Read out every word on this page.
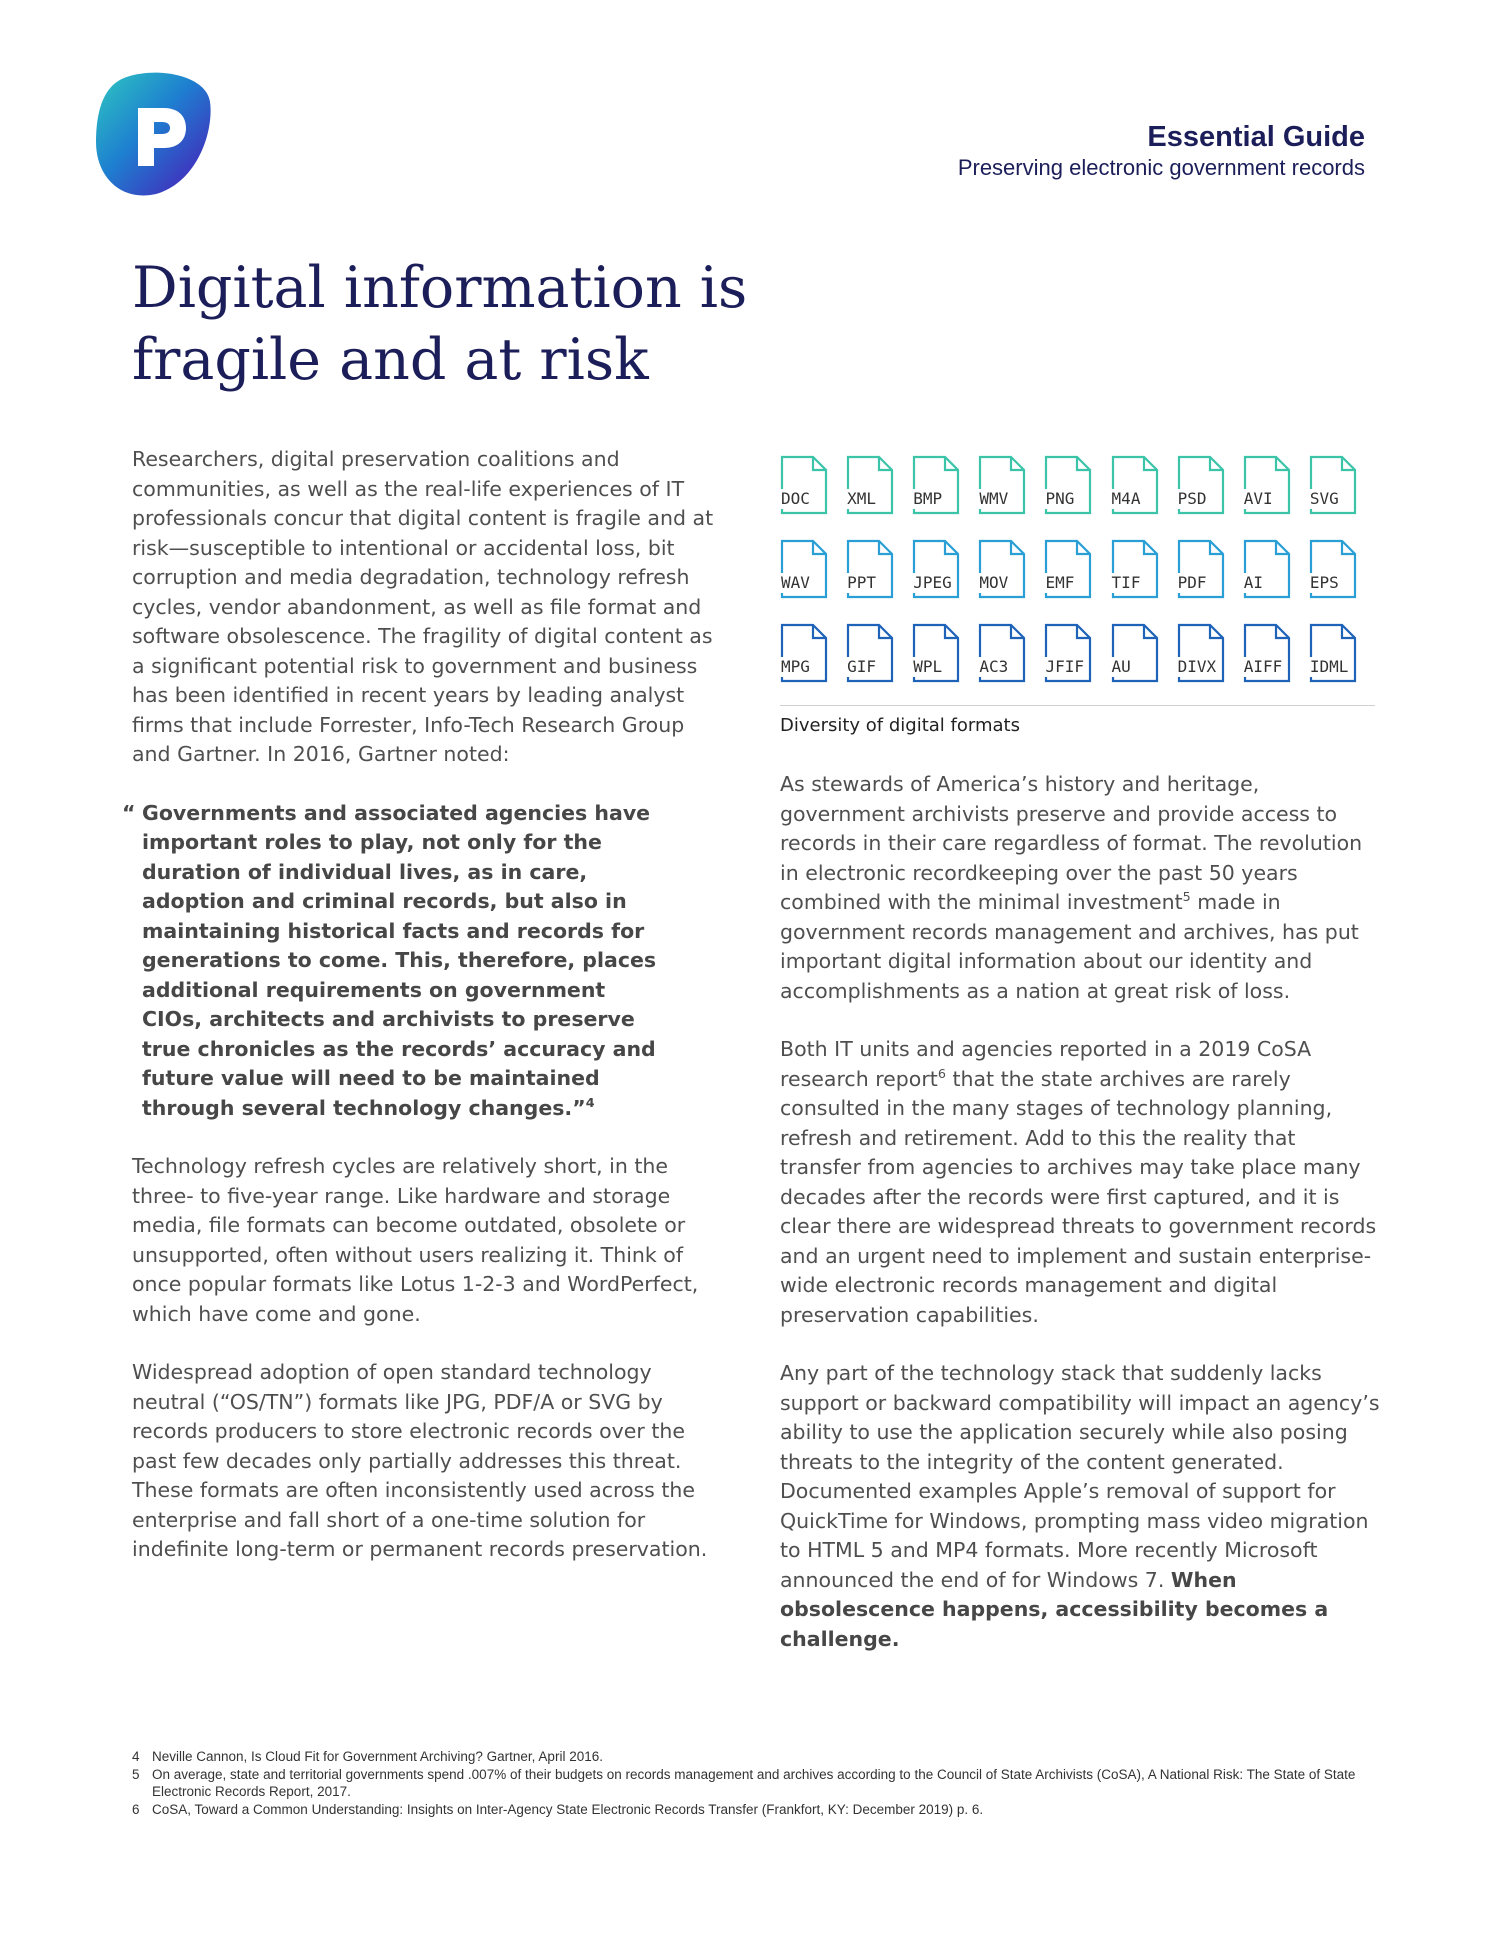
Essential Guide
Preserving electronic government records
Digital information is
fragile and at risk

Researchers, digital preservation coalitions and communities, as well as the real-life experiences of IT professionals concur that digital content is fragile and at risk—susceptible to intentional or accidental loss, bit corruption and media degradation, technology refresh cycles, vendor abandonment, as well as file format and software obsolescence. The fragility of digital content as a significant potential risk to government and business has been identified in recent years by leading analyst firms that include Forrester, Info-Tech Research Group and Gartner. In 2016, Gartner noted:

“ Governments and associated agencies have important roles to play, not only for the duration of individual lives, as in care, adoption and criminal records, but also in maintaining historical facts and records for generations to come. This, therefore, places additional requirements on government CIOs, architects and archivists to preserve true chronicles as the records’ accuracy and future value will need to be maintained through several technology changes.”$^4$

Technology refresh cycles are relatively short, in the three- to five-year range. Like hardware and storage media, file formats can become outdated, obsolete or unsupported, often without users realizing it. Think of once popular formats like Lotus 1-2-3 and WordPerfect, which have come and gone.

Widespread adoption of open standard technology neutral (“OS/TN”) formats like JPG, PDF/A or SVG by records producers to store electronic records over the past few decades only partially addresses this threat. These formats are often inconsistently used across the enterprise and fall short of a one-time solution for indefinite long-term or permanent records preservation.

DOC XML BMP WMV PNG M4A PSD AVI SVG
WAV PPT JPEG MOV EMF TIF PDF AI	EPS
MPG GIF WPL AC3 JFIF AU	DIVX AIFF IDML
Diversity of digital formats

As stewards of America’s history and heritage, government archivists preserve and provide access to records in their care regardless of format. The revolution in electronic recordkeeping over the past 50 years combined with the minimal investment$^5$ made in government records management and archives, has put important digital information about our identity and accomplishments as a nation at great risk of loss.

Both IT units and agencies reported in a 2019 CoSA research report$^6$ that the state archives are rarely consulted in the many stages of technology planning, refresh and retirement. Add to this the reality that transfer from agencies to archives may take place many decades after the records were first captured, and it is clear there are widespread threats to government records and an urgent need to implement and sustain enterprise-wide electronic records management and digital preservation capabilities.

Any part of the technology stack that suddenly lacks support or backward compatibility will impact an agency’s ability to use the application securely while also posing threats to the integrity of the content generated. Documented examples Apple’s removal of support for QuickTime for Windows, prompting mass video migration to HTML 5 and MP4 formats. More recently Microsoft announced the end of for Windows 7. When obsolescence happens, accessibility becomes a challenge.

4 Neville Cannon, Is Cloud Fit for Government Archiving? Gartner, April 2016.
5 On average, state and territorial governments spend .007% of their budgets on records management and archives according to the Council of State Archivists (CoSA), A National Risk: The State of State Electronic Records Report, 2017.
6 CoSA, Toward a Common Understanding: Insights on Inter-Agency State Electronic Records Transfer (Frankfort, KY: December 2019) p. 6.
